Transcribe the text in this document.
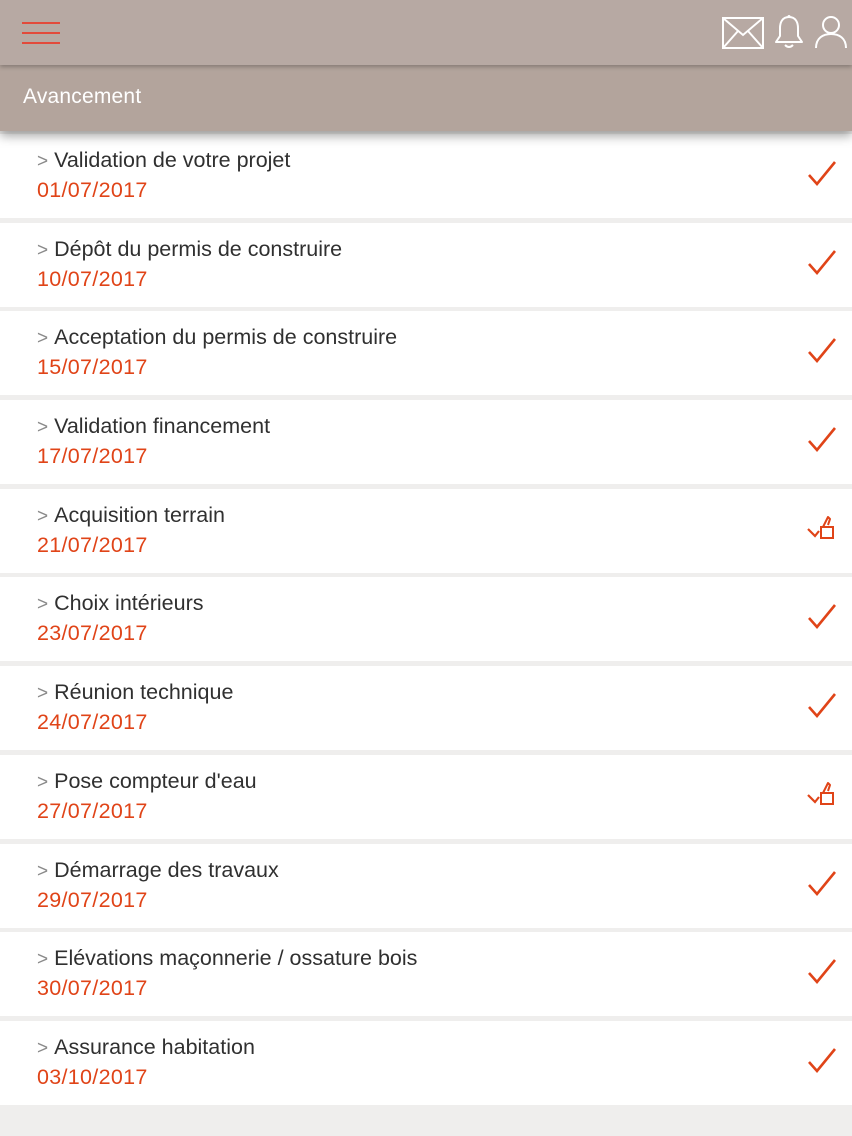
Avancement
> Validation de votre projet
01/07/2017
> Dépôt du permis de construire
10/07/2017
> Acceptation du permis de construire
15/07/2017
> Validation financement
17/07/2017
> Acquisition terrain
21/07/2017
> Choix intérieurs
23/07/2017
> Réunion technique
24/07/2017
> Pose compteur d'eau
27/07/2017
> Démarrage des travaux
29/07/2017
> Elévations maçonnerie / ossature bois
30/07/2017
> Assurance habitation
03/10/2017
